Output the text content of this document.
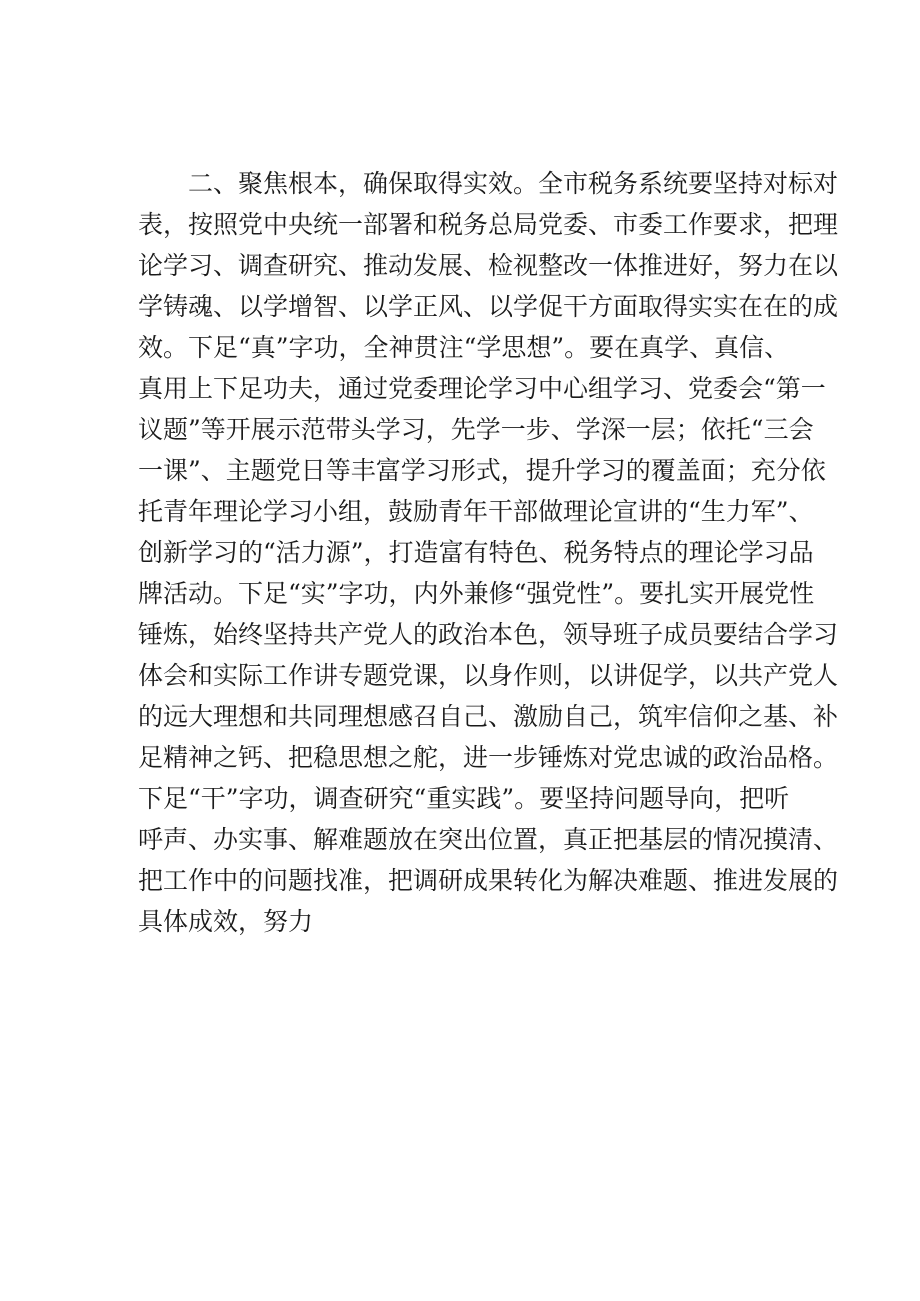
二、聚焦根本，确保取得实效。全市税务系统要坚持对标对
表，按照党中央统一部署和税务总局党委、市委工作要求，把理
论学习、调查研究、推动发展、检视整改一体推进好，努力在以
学铸魂、以学增智、以学正风、以学促干方面取得实实在在的成
效。下足“真”字功，全神贯注“学思想”。要在真学、真信、
真用上下足功夫，通过党委理论学习中心组学习、党委会“第一
议题”等开展示范带头学习，先学一步、学深一层；依托“三会
一课”、主题党日等丰富学习形式，提升学习的覆盖面；充分依
托青年理论学习小组，鼓励青年干部做理论宣讲的“生力军”、
创新学习的“活力源”，打造富有特色、税务特点的理论学习品
牌活动。下足“实”字功，内外兼修“强党性”。要扎实开展党性
锤炼，始终坚持共产党人的政治本色，领导班子成员要结合学习
体会和实际工作讲专题党课，以身作则，以讲促学，以共产党人
的远大理想和共同理想感召自己、激励自己，筑牢信仰之基、补
足精神之钙、把稳思想之舵，进一步锤炼对党忠诚的政治品格。
下足“干”字功，调查研究“重实践”。要坚持问题导向，把听
呼声、办实事、解难题放在突出位置，真正把基层的情况摸清、
把工作中的问题找准，把调研成果转化为解决难题、推进发展的
具体成效，努力
